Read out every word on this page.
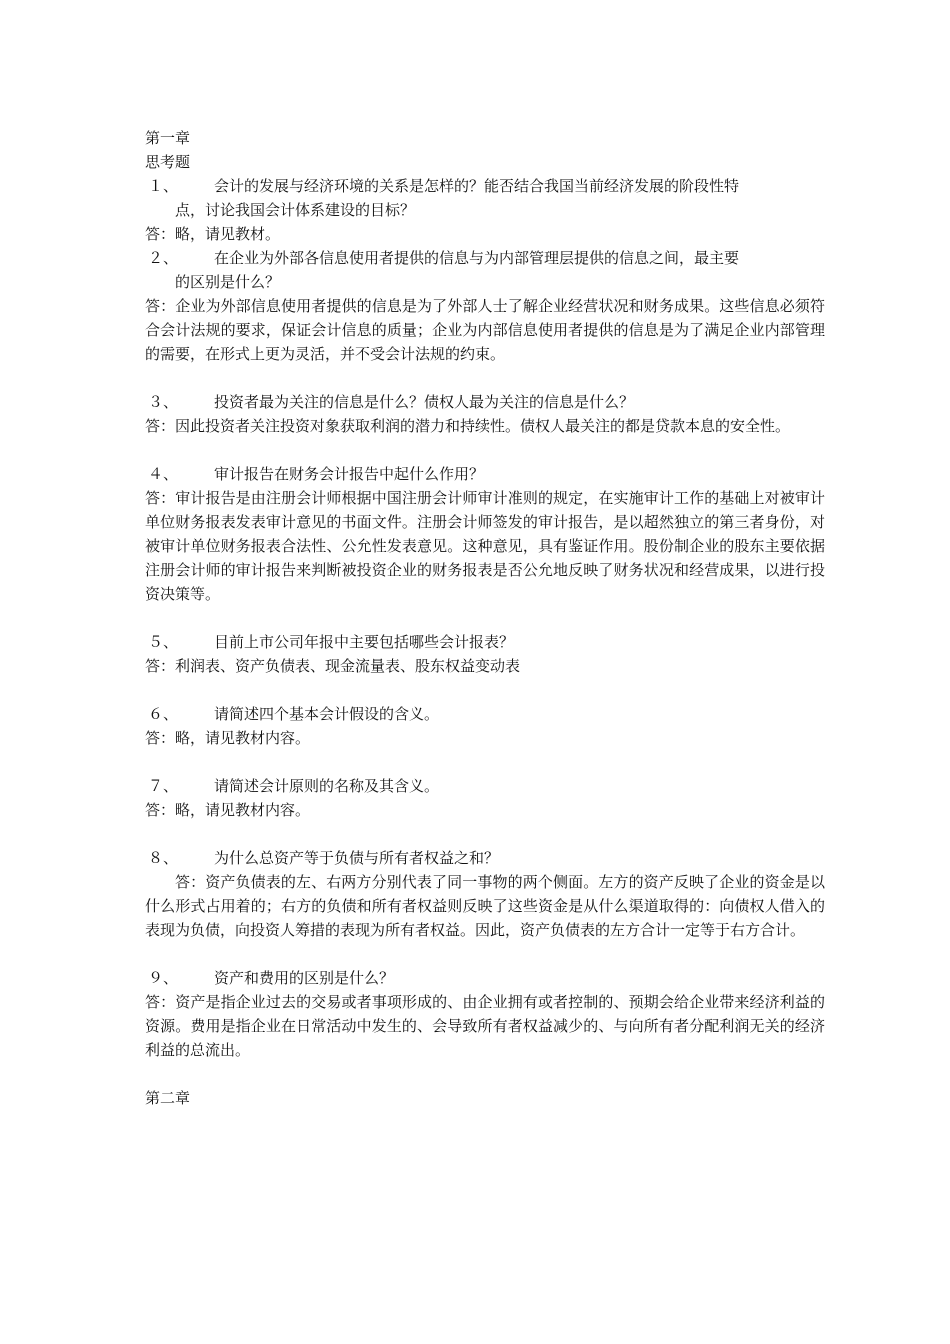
第一章
思考题
１、 会计的发展与经济环境的关系是怎样的？能否结合我国当前经济发展的阶段性特
点，讨论我国会计体系建设的目标？
答：略，请见教材。
２、 在企业为外部各信息使用者提供的信息与为内部管理层提供的信息之间，最主要
的区别是什么？
答：企业为外部信息使用者提供的信息是为了外部人士了解企业经营状况和财务成果。这些信息必须符合会计法规的要求，保证会计信息的质量；企业为内部信息使用者提供的信息是为了满足企业内部管理的需要，在形式上更为灵活，并不受会计法规的约束。
３、 投资者最为关注的信息是什么？债权人最为关注的信息是什么？
答：因此投资者关注投资对象获取利润的潜力和持续性。债权人最关注的都是贷款本息的安全性。
４、 审计报告在财务会计报告中起什么作用？
答：审计报告是由注册会计师根据中国注册会计师审计准则的规定，在实施审计工作的基础上对被审计单位财务报表发表审计意见的书面文件。注册会计师签发的审计报告，是以超然独立的第三者身份，对被审计单位财务报表合法性、公允性发表意见。这种意见，具有鉴证作用。股份制企业的股东主要依据注册会计师的审计报告来判断被投资企业的财务报表是否公允地反映了财务状况和经营成果，以进行投资决策等。
５、 目前上市公司年报中主要包括哪些会计报表？
答：利润表、资产负债表、现金流量表、股东权益变动表
６、 请简述四个基本会计假设的含义。
答：略，请见教材内容。
７、 请简述会计原则的名称及其含义。
答：略，请见教材内容。
８、 为什么总资产等于负债与所有者权益之和？
答：资产负债表的左、右两方分别代表了同一事物的两个侧面。左方的资产反映了企业的资金是以什么形式占用着的；右方的负债和所有者权益则反映了这些资金是从什么渠道取得的：向债权人借入的表现为负债，向投资人筹措的表现为所有者权益。因此，资产负债表的左方合计一定等于右方合计。
９、 资产和费用的区别是什么？
答：资产是指企业过去的交易或者事项形成的、由企业拥有或者控制的、预期会给企业带来经济利益的资源。费用是指企业在日常活动中发生的、会导致所有者权益减少的、与向所有者分配利润无关的经济利益的总流出。
第二章
